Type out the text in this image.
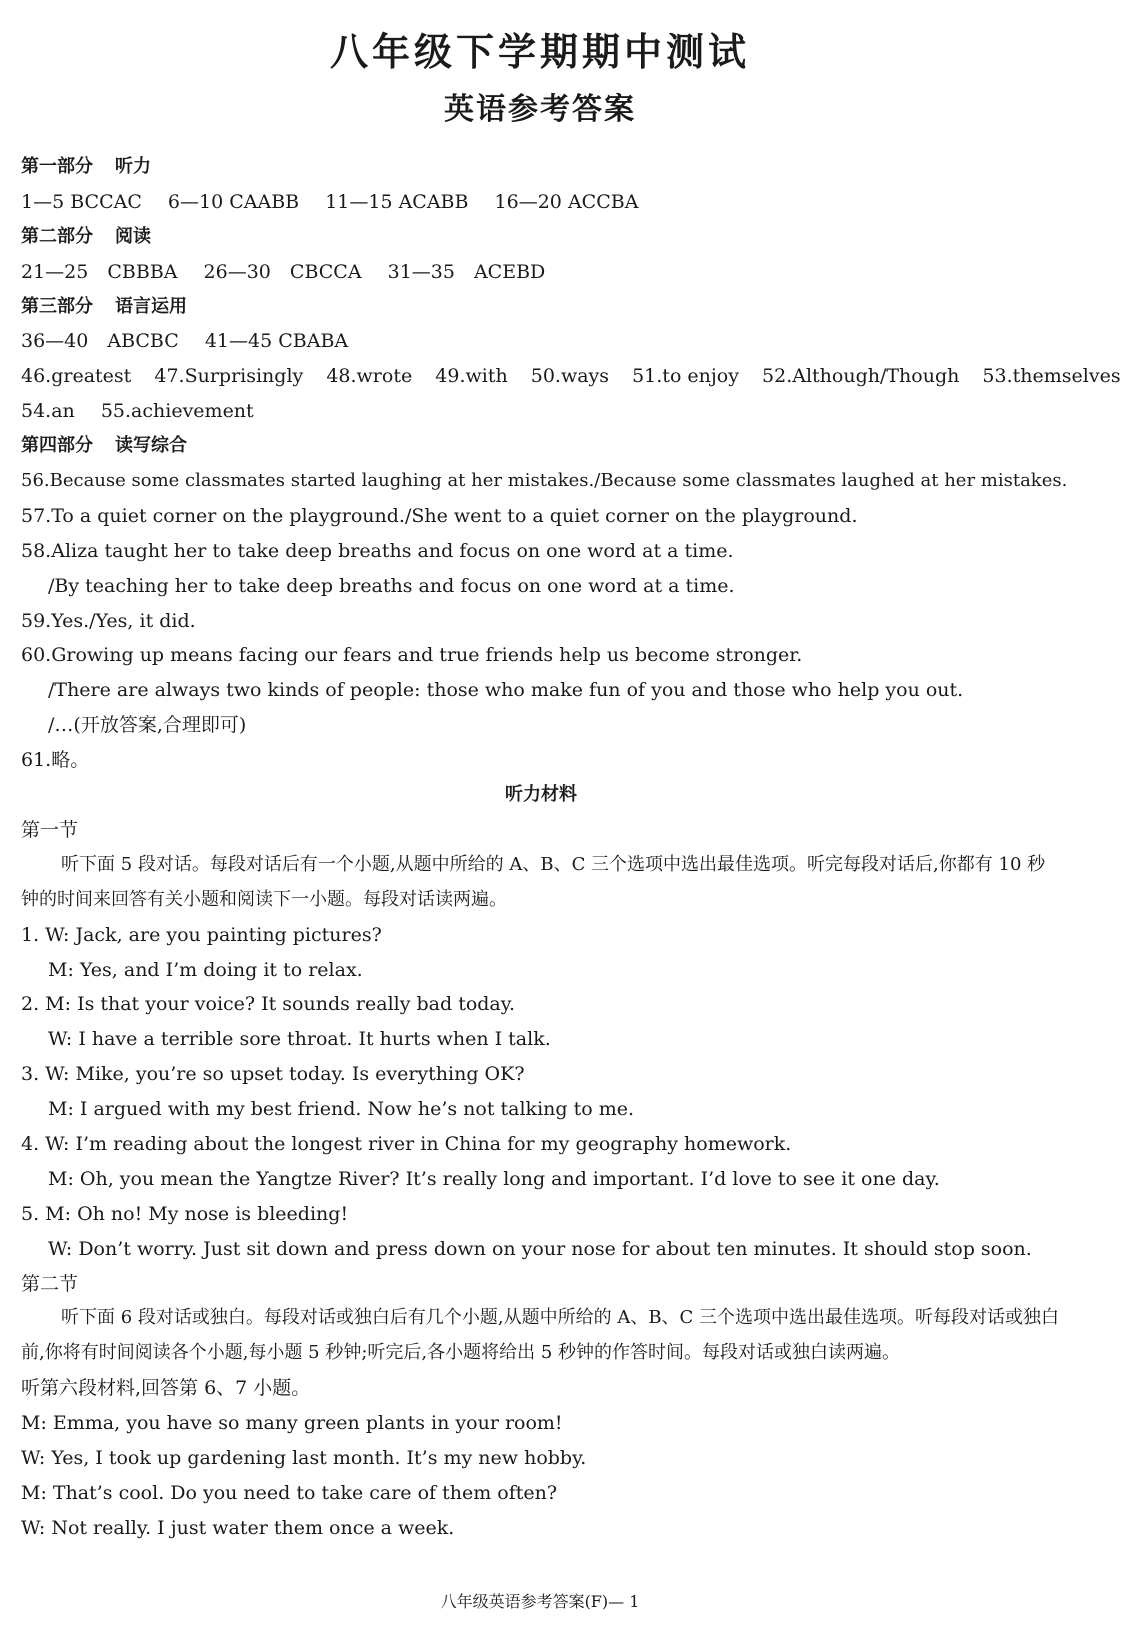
八年级下学期期中测试
英语参考答案
第一部分 听力
1—5 BCCAC 6—10 CAABB 11—15 ACABB 16—20 ACCBA
第二部分 阅读
21—25　CBBBA 26—30　CBCCA 31—35　ACEBD
第三部分 语言运用
36—40　ABCBC 41—45 CBABA
46.greatest 47.Surprisingly 48.wrote 49.with 50.ways 51.to enjoy 52.Although/Though 53.themselves
54.an 55.achievement
第四部分 读写综合
56.Because some classmates started laughing at her mistakes./Because some classmates laughed at her mistakes.
57.To a quiet corner on the playground./She went to a quiet corner on the playground.
58.Aliza taught her to take deep breaths and focus on one word at a time.
/By teaching her to take deep breaths and focus on one word at a time.
59.Yes./Yes, it did.
60.Growing up means facing our fears and true friends help us become stronger.
/There are always two kinds of people: those who make fun of you and those who help you out.
/…(开放答案,合理即可)
61.略。
听力材料
第一节
听下面 5 段对话。每段对话后有一个小题,从题中所给的 A、B、C 三个选项中选出最佳选项。听完每段对话后,你都有 10 秒钟的时间来回答有关小题和阅读下一小题。每段对话读两遍。
1. W: Jack, are you painting pictures?
M: Yes, and I’m doing it to relax.
2. M: Is that your voice? It sounds really bad today.
W: I have a terrible sore throat. It hurts when I talk.
3. W: Mike, you’re so upset today. Is everything OK?
M: I argued with my best friend. Now he’s not talking to me.
4. W: I’m reading about the longest river in China for my geography homework.
M: Oh, you mean the Yangtze River? It’s really long and important. I’d love to see it one day.
5. M: Oh no! My nose is bleeding!
W: Don’t worry. Just sit down and press down on your nose for about ten minutes. It should stop soon.
第二节
听下面 6 段对话或独白。每段对话或独白后有几个小题,从题中所给的 A、B、C 三个选项中选出最佳选项。听每段对话或独白前,你将有时间阅读各个小题,每小题 5 秒钟;听完后,各小题将给出 5 秒钟的作答时间。每段对话或独白读两遍。
听第六段材料,回答第 6、7 小题。
M: Emma, you have so many green plants in your room!
W: Yes, I took up gardening last month. It’s my new hobby.
M: That’s cool. Do you need to take care of them often?
W: Not really. I just water them once a week.
八年级英语参考答案(F)— 1
